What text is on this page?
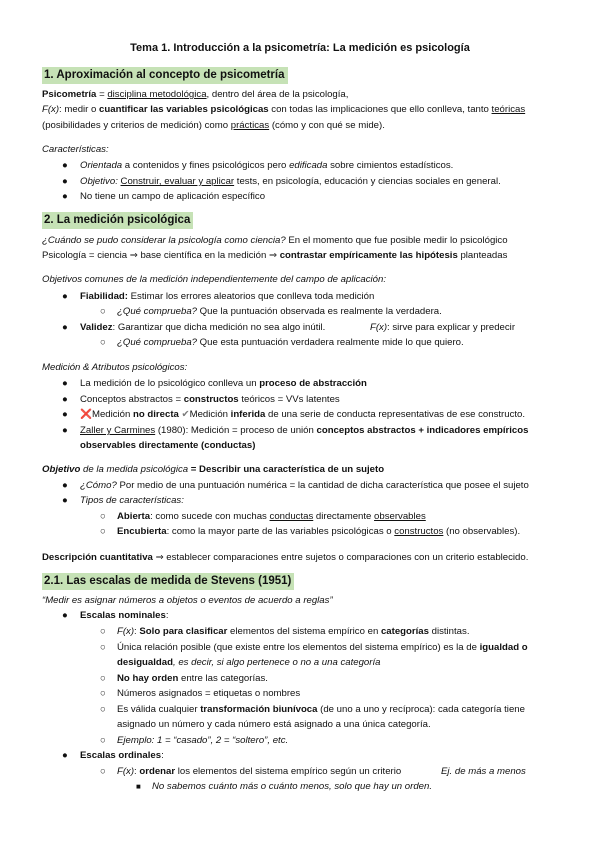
Tema 1. Introducción a la psicometría: La medición es psicología
1. Aproximación al concepto de psicometría
Psicometría = disciplina metodológica, dentro del área de la psicología,
F(x): medir o cuantificar las variables psicológicas con todas las implicaciones que ello conlleva, tanto teóricas
(posibilidades y criterios de medición) como prácticas (cómo y con qué se mide).
Características:
● Orientada a contenidos y fines psicológicos pero edificada sobre cimientos estadísticos.
● Objetivo: Construir, evaluar y aplicar tests, en psicología, educación y ciencias sociales en general.
● No tiene un campo de aplicación específico
2. La medición psicológica
¿Cuándo se pudo considerar la psicología como ciencia? En el momento que fue posible medir lo psicológico
Psicología = ciencia ⇒ base científica en la medición ⇒ contrastar empíricamente las hipótesis planteadas
Objetivos comunes de la medición independientemente del campo de aplicación:
● Fiabilidad: Estimar los errores aleatorios que conlleva toda medición
○ ¿Qué comprueba? Que la puntuación observada es realmente la verdadera.
● Validez: Garantizar que dicha medición no sea algo inútil.	F(x): sirve para explicar y predecir
○ ¿Qué comprueba? Que esta puntuación verdadera realmente mide lo que quiero.
Medición & Atributos psicológicos:
● La medición de lo psicológico conlleva un proceso de abstracción
● Conceptos abstractos = constructos teóricos = VVs latentes
● ❌Medición no directa ✔Medición inferida de una serie de conducta representativas de ese constructo.
● Zaller y Carmines (1980): Medición = proceso de unión conceptos abstractos + indicadores empíricos
observables directamente (conductas)
Objetivo de la medida psicológica = Describir una característica de un sujeto
● ¿Cómo? Por medio de una puntuación numérica = la cantidad de dicha característica que posee el sujeto
● Tipos de características:
○ Abierta: como sucede con muchas conductas directamente observables
○ Encubierta: como la mayor parte de las variables psicológicas o constructos (no observables).
Descripción cuantitativa ⇒ establecer comparaciones entre sujetos o comparaciones con un criterio establecido.
2.1. Las escalas de medida de Stevens (1951)
“Medir es asignar números a objetos o eventos de acuerdo a reglas”
● Escalas nominales:
○ F(x): Solo para clasificar elementos del sistema empírico en categorías distintas.
○ Única relación posible (que existe entre los elementos del sistema empírico) es la de igualdad o
desigualdad, es decir, si algo pertenece o no a una categoría
○ No hay orden entre las categorías.
○ Números asignados = etiquetas o nombres
○ Es válida cualquier transformación biunívoca (de uno a uno y recíproca): cada categoría tiene
asignado un número y cada número está asignado a una única categoría.
○ Ejemplo: 1 = “casado”, 2 = “soltero”, etc.
● Escalas ordinales:
○ F(x): ordenar los elementos del sistema empírico según un criterio	Ej. de más a menos
■ No sabemos cuánto más o cuánto menos, solo que hay un orden.
